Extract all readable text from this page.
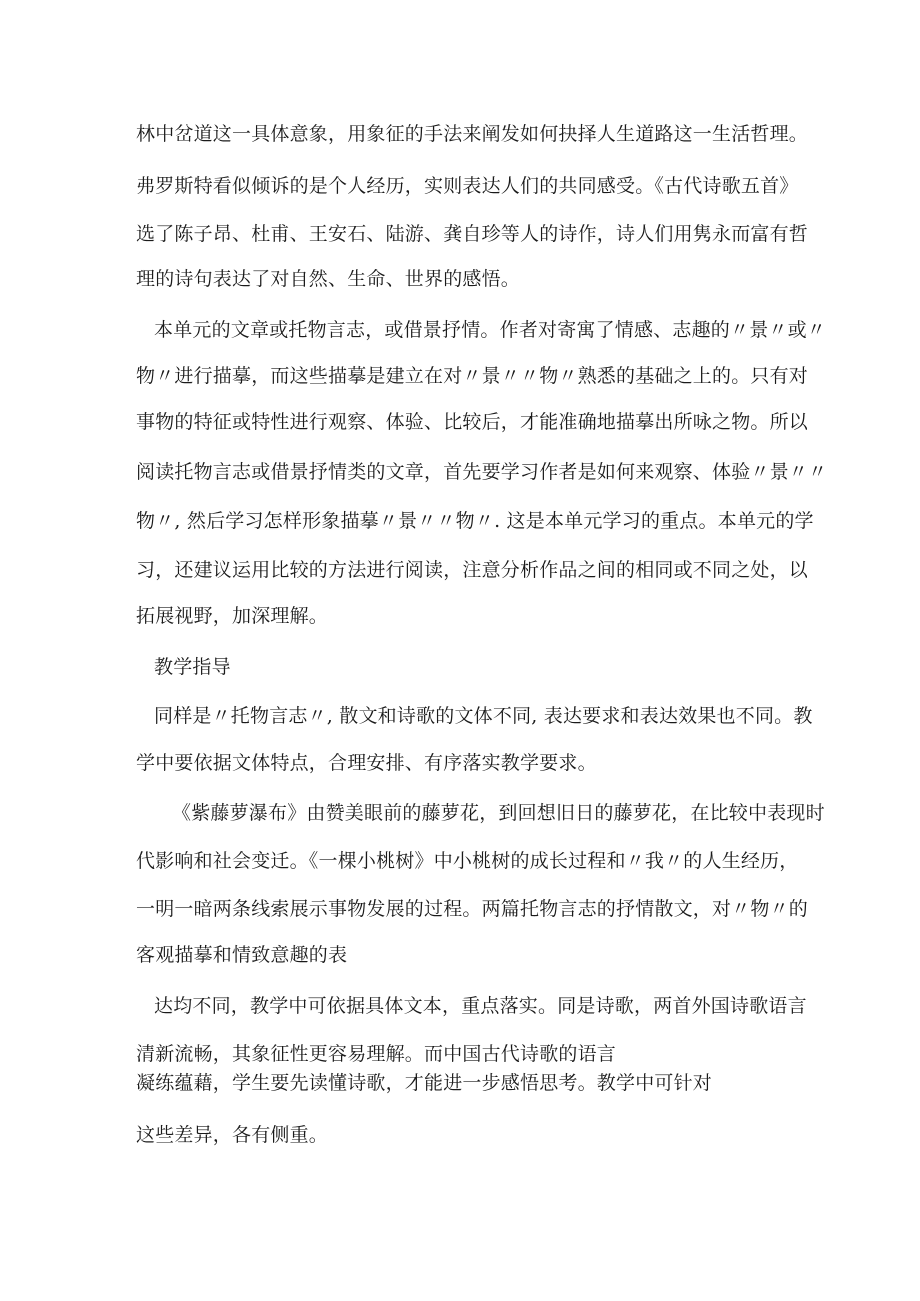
林中岔道这一具体意象，用象征的手法来阐发如何抉择人生道路这一生活哲理。
弗罗斯特看似倾诉的是个人经历，实则表达人们的共同感受。《古代诗歌五首》
选了陈子昂、杜甫、王安石、陆游、龚自珍等人的诗作，诗人们用隽永而富有哲
理的诗句表达了对自然、生命、世界的感悟。
本单元的文章或托物言志，或借景抒情。作者对寄寓了情感、志趣的〃景〃或〃
物〃进行描摹，而这些描摹是建立在对〃景〃〃物〃熟悉的基础之上的。只有对
事物的特征或特性进行观察、体验、比较后，才能准确地描摹出所咏之物。所以
阅读托物言志或借景抒情类的文章，首先要学习作者是如何来观察、体验〃景〃〃
物〃, 然后学习怎样形象描摹〃景〃〃物〃. 这是本单元学习的重点。本单元的学
习，还建议运用比较的方法进行阅读，注意分析作品之间的相同或不同之处，以
拓展视野，加深理解。
教学指导
同样是〃托物言志〃, 散文和诗歌的文体不同, 表达要求和表达效果也不同。教
学中要依据文体特点，合理安排、有序落实教学要求。
《紫藤萝瀑布》由赞美眼前的藤萝花，到回想旧日的藤萝花，在比较中表现时
代影响和社会变迁。《一棵小桃树》中小桃树的成长过程和〃我〃的人生经历，
一明一暗两条线索展示事物发展的过程。两篇托物言志的抒情散文，对〃物〃的
客观描摹和情致意趣的表
达均不同，教学中可依据具体文本，重点落实。同是诗歌，两首外国诗歌语言
清新流畅，其象征性更容易理解。而中国古代诗歌的语言
凝练蕴藉，学生要先读懂诗歌，才能进一步感悟思考。教学中可针对
这些差异，各有侧重。
